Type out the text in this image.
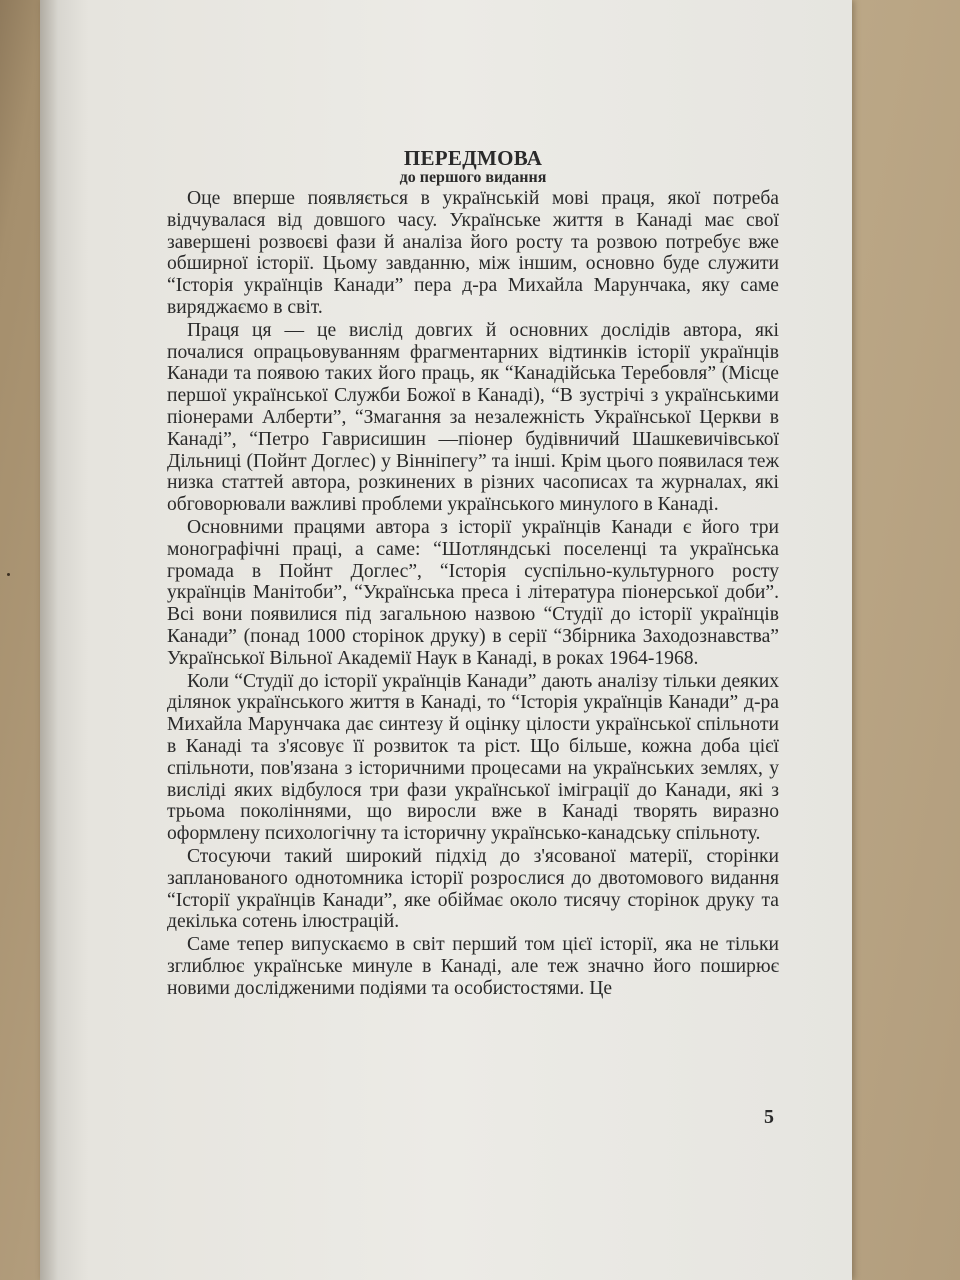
ПЕРЕДМОВА

до першого видання

Оце вперше появляється в українській мові праця, якої потреба відчувалася від довшого часу. Українське життя в Канаді має свої завершені розвоєві фази й аналіза його росту та розвою потребує вже обширної історії. Цьому завданню, між іншим, основно буде служити “Історія українців Канади” пера д-ра Михайла Марунчака, яку саме виряджаємо в світ.

Праця ця — це вислід довгих й основних дослідів автора, які почалися опрацьовуванням фрагментарних відтинків історії українців Канади та появою таких його праць, як “Канадійська Теребовля” (Місце першої української Служби Божої в Канаді), “В зустрічі з українськими піонерами Алберти”, “Змагання за незалежність Української Церкви в Канаді”, “Петро Гаврисишин —піонер будівничий Шашкевичівської Дільниці (Пойнт Доглес) у Вінніпегу” та інші. Крім цього появилася теж низка статтей автора, розкинених в різних часописах та журналах, які обговорювали важливі проблеми українського минулого в Канаді.

Основними працями автора з історії українців Канади є його три монографічні праці, а саме: “Шотляндські поселенці та українська громада в Пойнт Доглес”, “Історія суспільно-культурного росту українців Манітоби”, “Українська преса і література піонерської доби”. Всі вони появилися під загальною назвою “Студії до історії українців Канади” (понад 1000 сторінок друку) в серії “Збірника Заходознавства” Української Вільної Академії Наук в Канаді, в роках 1964-1968.

Коли “Студії до історії українців Канади” дають аналізу тільки деяких ділянок українського життя в Канаді, то “Історія українців Канади” д-ра Михайла Марунчака дає синтезу й оцінку цілости української спільноти в Канаді та з'ясовує її розвиток та ріст. Що більше, кожна доба цієї спільноти, пов'язана з історичними процесами на українських землях, у вислідi яких відбулося три фази української іміграції до Канади, які з трьома поколіннями, що виросли вже в Канаді творять виразно оформлену психологічну та історичну українсько-канадську спільноту.

Стосуючи такий широкий підхід до з'ясованої матерії, сторінки запланованого однотомника історії розрослися до двотомового видання “Історії українців Канади”, яке обіймає около тисячу сторінок друку та декілька сотень ілюстрацій.

Саме тепер випускаємо в світ перший том цієї історії, яка не тільки зглиблює українське минуле в Канаді, але теж значно його поширює новими дослідженими подіями та особистостями. Це

5
